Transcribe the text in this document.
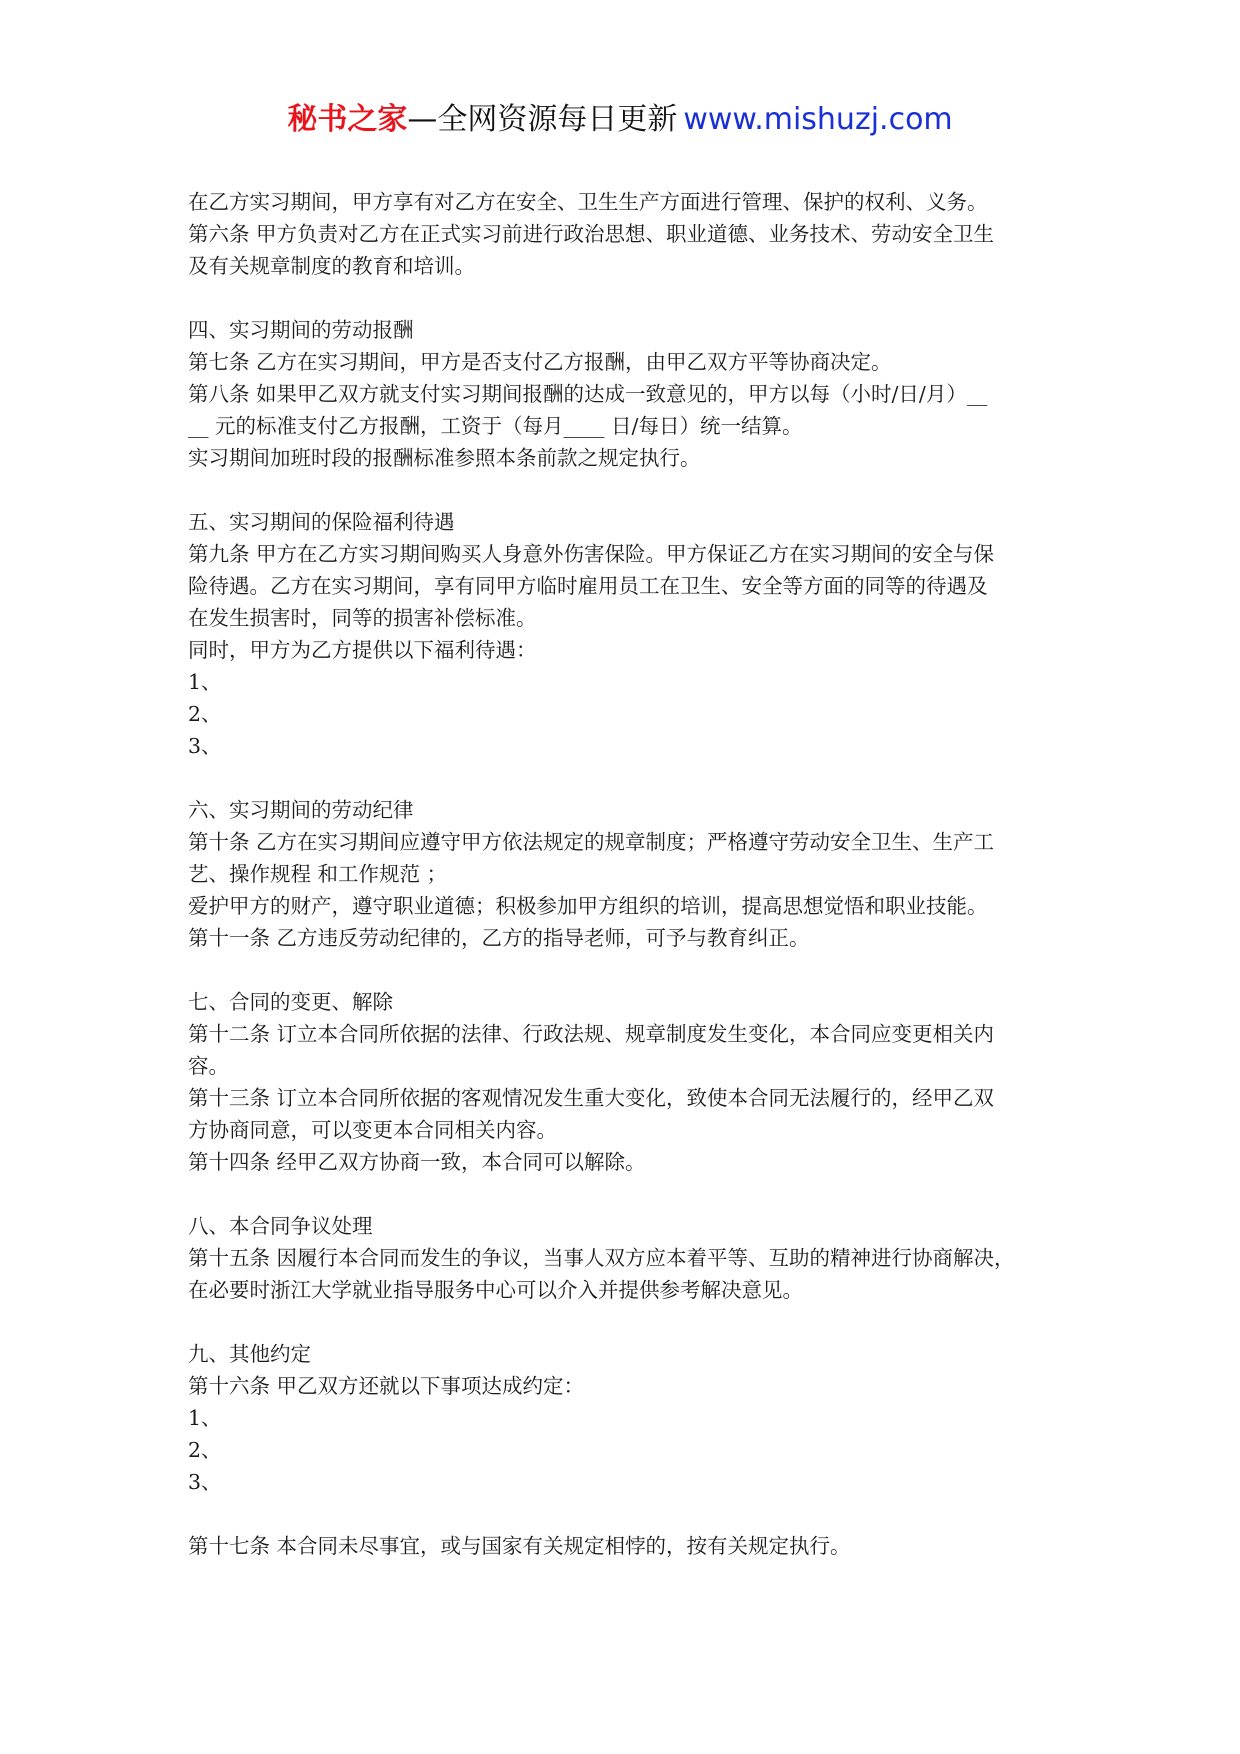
秘书之家—全网资源每日更新 www.mishuzj.com
在乙方实习期间，甲方享有对乙方在安全、卫生生产方面进行管理、保护的权利、义务。
第六条 甲方负责对乙方在正式实习前进行政治思想、职业道德、业务技术、劳动安全卫生
及有关规章制度的教育和培训。
四、实习期间的劳动报酬
第七条 乙方在实习期间，甲方是否支付乙方报酬，由甲乙双方平等协商决定。
第八条 如果甲乙双方就支付实习期间报酬的达成一致意见的，甲方以每（小时/日/月）__
__ 元的标准支付乙方报酬，工资于（每月____ 日/每日）统一结算。
实习期间加班时段的报酬标准参照本条前款之规定执行。
五、实习期间的保险福利待遇
第九条 甲方在乙方实习期间购买人身意外伤害保险。甲方保证乙方在实习期间的安全与保
险待遇。乙方在实习期间，享有同甲方临时雇用员工在卫生、安全等方面的同等的待遇及
在发生损害时，同等的损害补偿标准。
同时，甲方为乙方提供以下福利待遇：
1、
2、
3、
六、实习期间的劳动纪律
第十条 乙方在实习期间应遵守甲方依法规定的规章制度；严格遵守劳动安全卫生、生产工
艺、操作规程 和工作规范 ；
爱护甲方的财产，遵守职业道德；积极参加甲方组织的培训，提高思想觉悟和职业技能。
第十一条 乙方违反劳动纪律的，乙方的指导老师，可予与教育纠正。
七、合同的变更、解除
第十二条 订立本合同所依据的法律、行政法规、规章制度发生变化，本合同应变更相关内
容。
第十三条 订立本合同所依据的客观情况发生重大变化，致使本合同无法履行的，经甲乙双
方协商同意，可以变更本合同相关内容。
第十四条 经甲乙双方协商一致，本合同可以解除。
八、本合同争议处理
第十五条 因履行本合同而发生的争议，当事人双方应本着平等、互助的精神进行协商解决，
在必要时浙江大学就业指导服务中心可以介入并提供参考解决意见。
九、其他约定
第十六条 甲乙双方还就以下事项达成约定：
1、
2、
3、
第十七条 本合同未尽事宜，或与国家有关规定相悖的，按有关规定执行。
